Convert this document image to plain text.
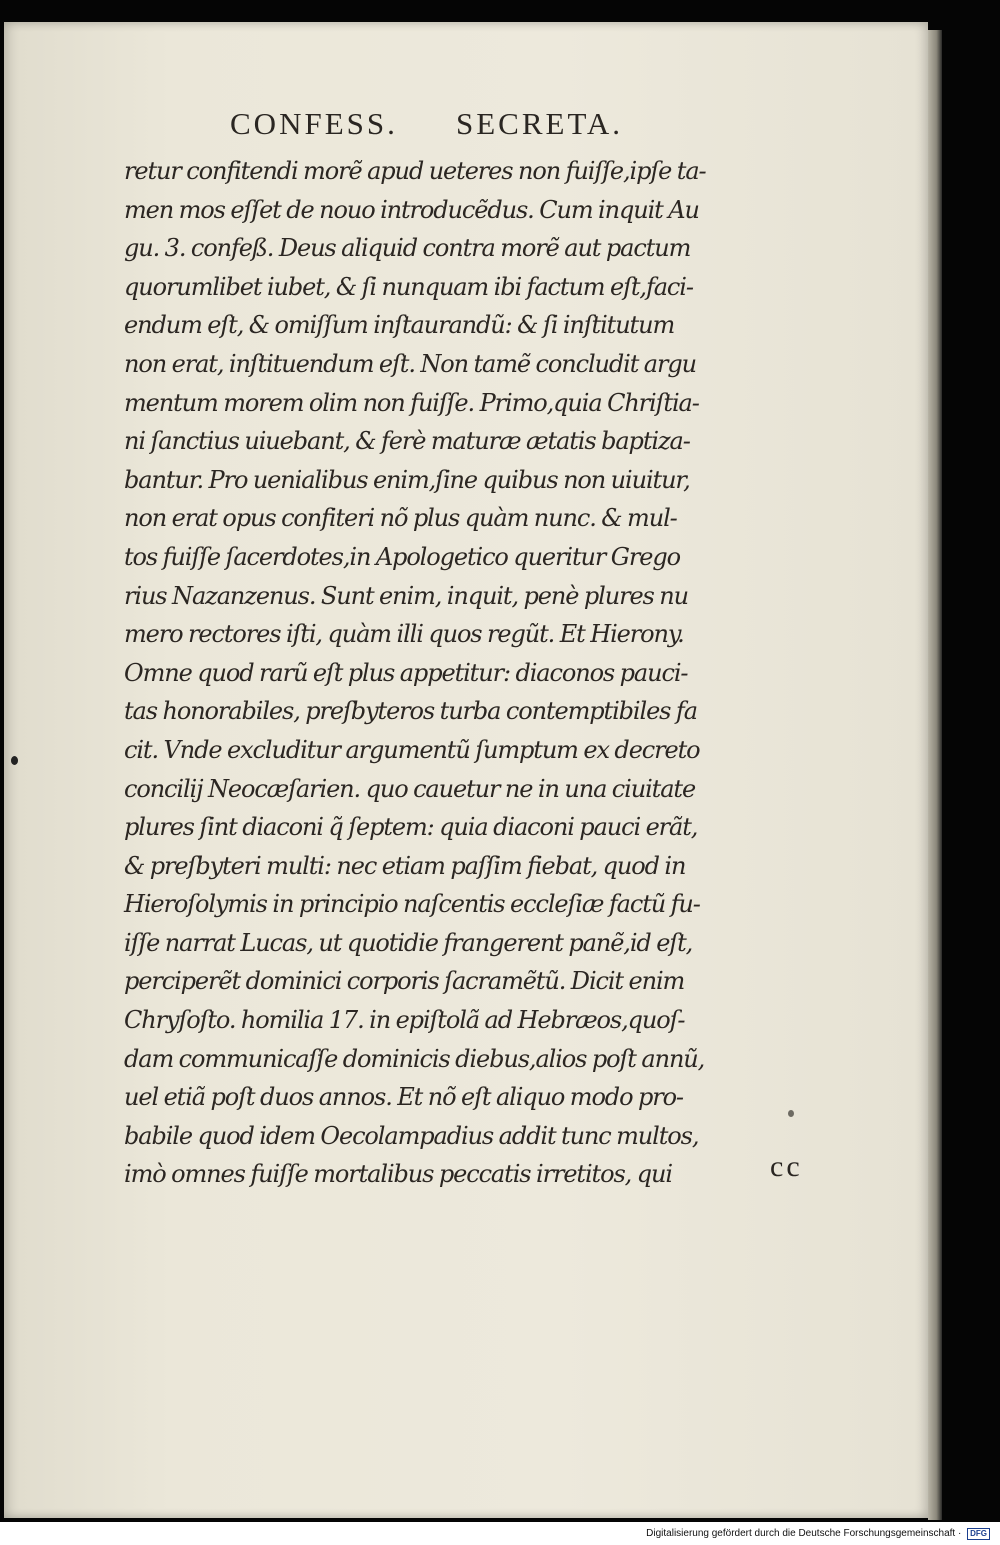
CONFESS. SECRETA.
retur confitendi morẽ apud ueteres non fuiſſe,ipſe ta-
men mos eſſet de nouo introducẽdus. Cum inquit Au
gu. 3. confeß. Deus aliquid contra morẽ aut pactum
quorumlibet iubet, & ſi nunquam ibi factum eſt,faci-
endum eſt, & omiſſum inſtaurandũ: & ſi inſtitutum
non erat, inſtituendum eſt. Non tamẽ concludit argu
mentum morem olim non fuiſſe. Primo,quia Chriſtia-
ni ſanctius uiuebant, & ferè maturæ ætatis baptiza-
bantur. Pro uenialibus enim,ſine quibus non uiuitur,
non erat opus confiteri nõ plus quàm nunc. & mul-
tos fuiſſe ſacerdotes,in Apologetico queritur Grego
rius Nazanzenus. Sunt enim, inquit, penè plures nu
mero rectores iſti, quàm illi quos regũt. Et Hierony.
Omne quod rarũ eſt plus appetitur: diaconos pauci-
tas honorabiles, preſbyteros turba contemptibiles fa
cit. Vnde excluditur argumentũ ſumptum ex decreto
concilij Neocæſarien. quo cauetur ne in una ciuitate
plures ſint diaconi q̃ ſeptem: quia diaconi pauci erãt,
& preſbyteri multi: nec etiam paſſim fiebat, quod in
Hieroſolymis in principio naſcentis eccleſiæ factũ fu-
iſſe narrat Lucas, ut quotidie frangerent panẽ,id eſt,
perciperẽt dominici corporis ſacramẽtũ. Dicit enim
Chryſoſto. homilia 17. in epiſtolã ad Hebræos,quoſ-
dam communicaſſe dominicis diebus,alios poſt annũ,
uel etiã poſt duos annos. Et nõ eſt aliquo modo pro-
babile quod idem Oecolampadius addit tunc multos,
imò omnes fuiſſe mortalibus peccatis irretitos, qui	cc
Digitalisierung gefördert durch die Deutsche Forschungsgemeinschaft · DFG
